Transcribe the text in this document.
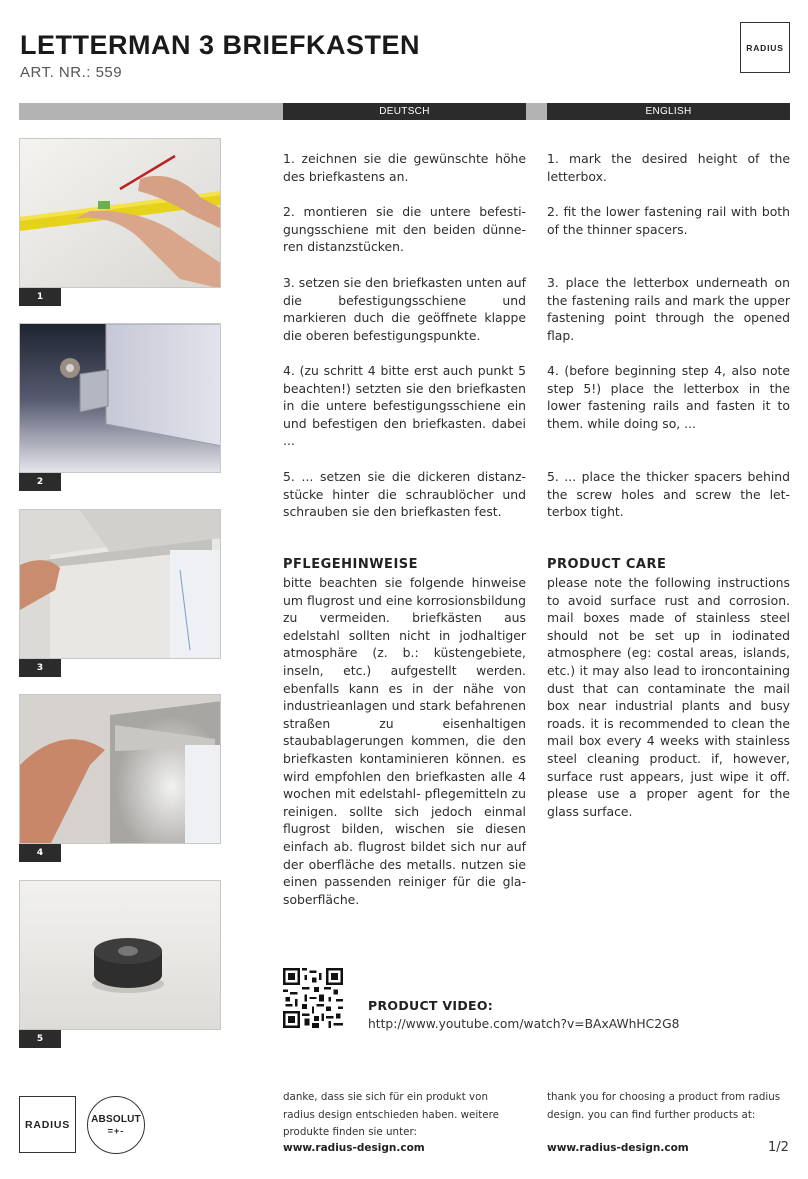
LETTERMAN 3 BRIEFKASTEN
ART. NR.: 559
RADIUS
DEUTSCH	ENGLISH
1
2
3
4
5
1. zeichnen sie die gewünschte höhe des briefkastens an.
2. montieren sie die untere befestigungsschiene mit den beiden dünneren distanzstücken.
3. setzen sie den briefkasten unten auf die befestigungsschiene und markieren duch die geöffnete klappe die oberen befestigungspunkte.
4. (zu schritt 4 bitte erst auch punkt 5 beachten!) setzten sie den briefkasten in die untere befestigungsschiene ein und befestigen den briefkasten. dabei ...
5. ... setzen sie die dickeren distanzstücke hinter die schraublöcher und schrauben sie den briefkasten fest.
1. mark the desired height of the letterbox.
2. fit the lower fastening rail with both of the thinner spacers.
3. place the letterbox underneath on the fastening rails and mark the upper fastening point through the opened flap.
4. (before beginning step 4, also note step 5!) place the letterbox in the lower fastening rails and fasten it to them. while doing so, ...
5. ... place the thicker spacers behind the screw holes and screw the letterbox tight.
PFLEGEHINWEISE
bitte beachten sie folgende hinweise um flugrost und eine korrosionsbildung zu vermeiden. briefkästen aus edelstahl sollten nicht in jodhaltiger atmosphäre (z. b.: küstengebiete, inseln, etc.) aufgestellt werden. ebenfalls kann es in der nähe von industrieanlagen und stark befahrenen straßen zu eisenhaltigen staubablagerungen kommen, die den briefkasten kontaminieren können. es wird empfohlen den briefkasten alle 4 wochen mit edelstahl- pflegemitteln zu reinigen. sollte sich jedoch einmal flugrost bilden, wischen sie diesen einfach ab. flugrost bildet sich nur auf der oberfläche des metalls. nutzen sie einen passenden reiniger für die glasoberfläche.
PRODUCT CARE
please note the following instructions to avoid surface rust and corrosion. mail boxes made of stainless steel should not be set up in iodinated atmosphere (eg: costal areas, islands, etc.) it may also lead to ironcontaining dust that can contaminate the mail box near industrial plants and busy roads. it is recommended to clean the mail box every 4 weeks with stainless steel cleaning product. if, however, surface rust appears, just wipe it off. please use a proper agent for the glass surface.
PRODUCT VIDEO:
http://www.youtube.com/watch?v=BAxAWhHC2G8
RADIUS ABSOLUT
=+-
danke, dass sie sich für ein produkt von radius design entschieden haben. weitere produkte finden sie unter:
thank you for choosing a product from radius design. you can find further products at:
www.radius-design.com	www.radius-design.com	1/2
